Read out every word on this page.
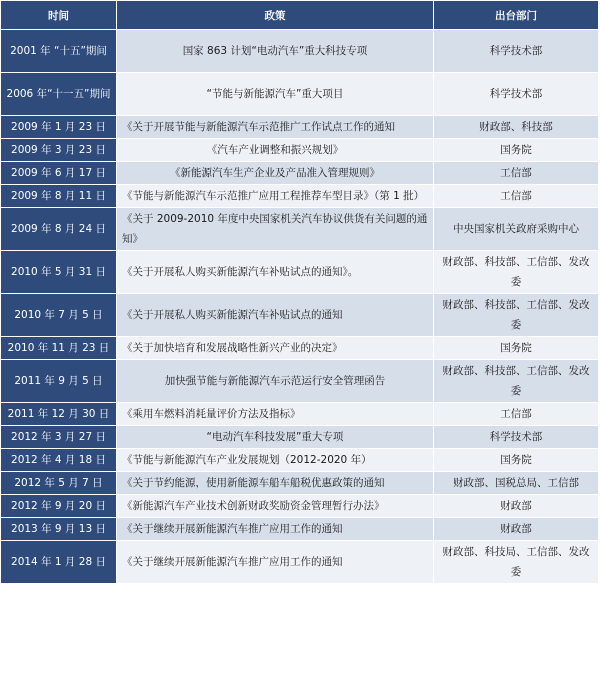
时间	政策	出台部门
2001 年 “十五”期间	国家 863 计划“电动汽车”重大科技专项	科学技术部
2006 年“十一五”期间	“节能与新能源汽车”重大项目	科学技术部
2009 年 1 月 23 日	《关于开展节能与新能源汽车示范推广工作试点工作的通知	财政部、科技部
2009 年 3 月 23 日	《汽车产业调整和振兴规划》	国务院
2009 年 6 月 17 日	《新能源汽车生产企业及产品准入管理规则》	工信部
2009 年 8 月 11 日	《节能与新能源汽车示范推广应用工程推荐车型目录》（第 1 批）	工信部
2009 年 8 月 24 日	《关于 2009-2010 年度中央国家机关汽车协议供货有关问题的通知》	中央国家机关政府采购中心
2010 年 5 月 31 日	《关于开展私人购买新能源汽车补贴试点的通知》。	财政部、科技部、工信部、发改委
2010 年 7 月 5 日	《关于开展私人购买新能源汽车补贴试点的通知	财政部、科技部、工信部、发改委
2010 年 11 月 23 日	《关于加快培育和发展战略性新兴产业的决定》	国务院
2011 年 9 月 5 日	加快强节能与新能源汽车示范运行安全管理函告	财政部、科技部、工信部、发改委
2011 年 12 月 30 日	《乘用车燃料消耗量评价方法及指标》	工信部
2012 年 3 月 27 日	“电动汽车科技发展”重大专项	科学技术部
2012 年 4 月 18 日	《节能与新能源汽车产业发展规划（2012-2020 年）	国务院
2012 年 5 月 7 日	《关于节约能源，使用新能源车船车船税优惠政策的通知	财政部、国税总局、工信部
2012 年 9 月 20 日	《新能源汽车产业技术创新财政奖励资金管理暂行办法》	财政部
2013 年 9 月 13 日	《关于继续开展新能源汽车推广应用工作的通知	财政部
2014 年 1 月 28 日	《关于继续开展新能源汽车推广应用工作的通知	财政部、科技局、工信部、发改委
